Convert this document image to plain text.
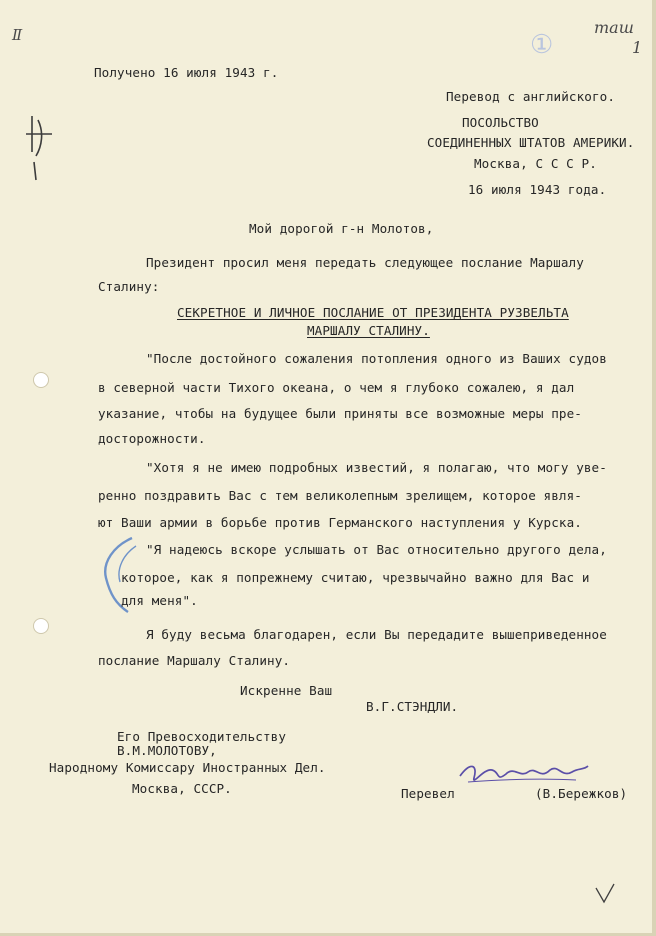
Ⅱ	таш
1
①
Получено 16 июля 1943 г.
Перевод с английского.
ПОСОЛЬСТВО
СОЕДИНЕННЫХ ШТАТОВ АМЕРИКИ.
Москва, С С С Р.
16 июля 1943 года.
Мой дорогой г-н Молотов,
Президент просил меня передать следующее послание Маршалу
Сталину:
СЕКРЕТНОЕ И ЛИЧНОЕ ПОСЛАНИЕ ОТ ПРЕЗИДЕНТА РУЗВЕЛЬТА
МАРШАЛУ СТАЛИНУ.
"После достойного сожаления потопления одного из Ваших судов
в северной части Тихого океана, о чем я глубоко сожалею, я дал
указание, чтобы на будущее были приняты все возможные меры пре-
досторожности.
"Хотя я не имею подробных известий, я полагаю, что могу уве-
ренно поздравить Вас с тем великолепным зрелищем, которое явля-
ют Ваши армии в борьбе против Германского наступления у Курска.
"Я надеюсь вскоре услышать от Вас относительно другого дела,
которое, как я попрежнему считаю, чрезвычайно важно для Вас и
для меня".
Я буду весьма благодарен, если Вы передадите вышеприведенное
послание Маршалу Сталину.
Искренне Ваш
В.Г.СТЭНДЛИ.
Его Превосходительству
В.М.МОЛОТОВУ,
Народному Комиссару Иностранных Дел.
Москва, СССР.	Перевел	(В.Бережков)
